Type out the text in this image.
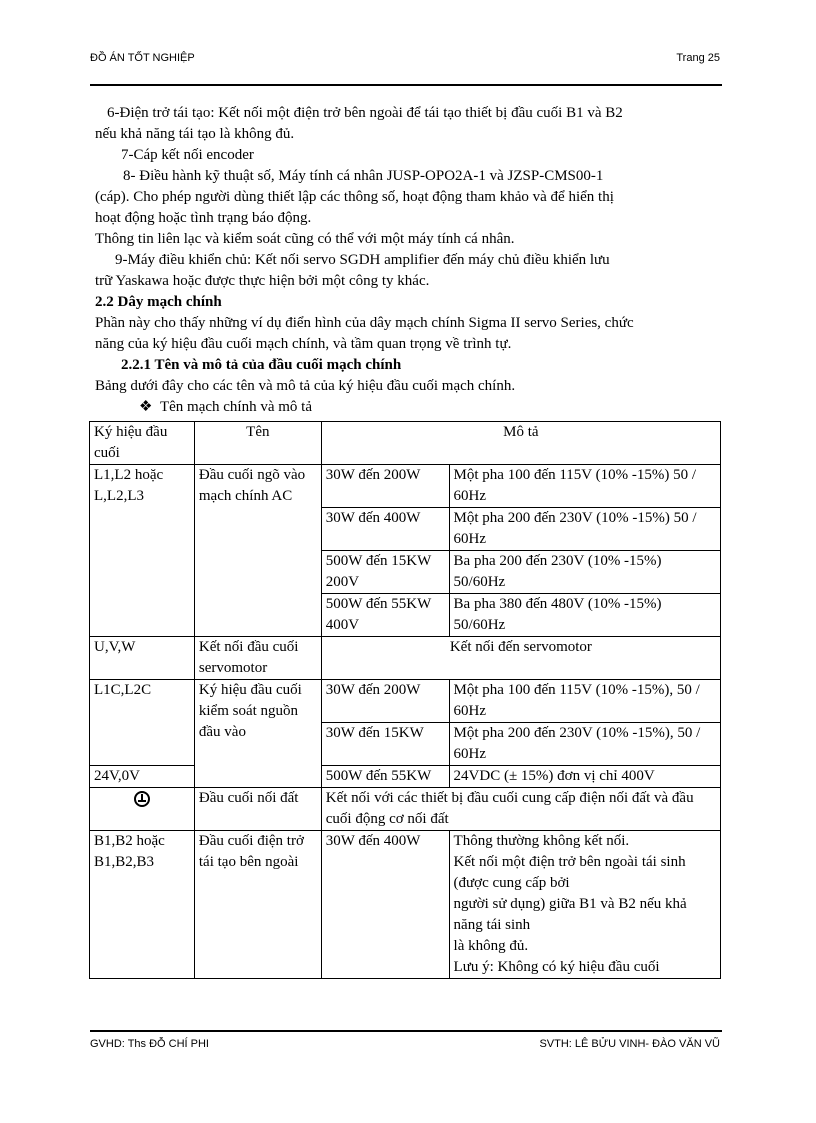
ĐỒ ÁN TỐT NGHIỆP	Trang 25

6-Điện trở tái tạo: Kết nối một điện trở bên ngoài để tái tạo thiết bị đầu cuối B1 và B2

nếu khả năng tái tạo là không đủ.

7-Cáp kết nối encoder

8- Điều hành kỹ thuật số, Máy tính cá nhân JUSP-OPO2A-1 và JZSP-CMS00-1

(cáp). Cho phép người dùng thiết lập các thông số, hoạt động tham khảo và để hiển thị

hoạt động hoặc tình trạng báo động.

Thông tin liên lạc và kiểm soát cũng có thể với một máy tính cá nhân.

9-Máy điều khiển chủ: Kết nối servo SGDH amplifier đến máy chủ điều khiển lưu

trữ Yaskawa hoặc được thực hiện bởi một công ty khác.

2.2 Dây mạch chính

Phần này cho thấy những ví dụ điển hình của dây mạch chính Sigma II servo Series, chức

năng của ký hiệu đầu cuối mạch chính, và tầm quan trọng về trình tự.

2.2.1 Tên và mô tả của đầu cuối mạch chính

Bảng dưới đây cho các tên và mô tả của ký hiệu đầu cuối mạch chính.

❖ Tên mạch chính và mô tả

Ký hiệu đầu cuối	Tên	Mô tả	
L1,L2 hoặc L,L2,L3	Đầu cuối ngõ vào mạch chính AC	30W đến 200W	Một pha 100 đến 115V (10% -15%) 50 / 60Hz
		30W đến 400W	Một pha 200 đến 230V (10% -15%) 50 / 60Hz
		500W đến 15KW 200V	Ba pha 200 đến 230V (10% -15%) 50/60Hz
		500W đến 55KW 400V	Ba pha 380 đến 480V (10% -15%) 50/60Hz
U,V,W	Kết nối đầu cuối servomotor	Kết nối đến servomotor	
L1C,L2C	Ký hiệu đầu cuối kiểm soát nguồn đầu vào	30W đến 200W	Một pha 100 đến 115V (10% -15%), 50 / 60Hz
		30W đến 15KW	Một pha 200 đến 230V (10% -15%), 50 / 60Hz
24V,0V		500W đến 55KW	24VDC (± 15%) đơn vị chỉ 400V
	Đầu cuối nối đất	Kết nối với các thiết bị đầu cuối cung cấp điện nối đất và đầu cuối động cơ nối đất	
B1,B2 hoặc B1,B2,B3	Đầu cuối điện trở tái tạo bên ngoài	30W đến 400W	Thông thường không kết nối.
Kết nối một điện trở bên ngoài tái sinh (được cung cấp bởi
người sử dụng) giữa B1 và B2 nếu khả năng tái sinh
là không đủ.
Lưu ý: Không có ký hiệu đầu cuối
GVHD: Ths ĐỖ CHÍ PHI	SVTH: LÊ BỬU VINH- ĐÀO VĂN VŨ
